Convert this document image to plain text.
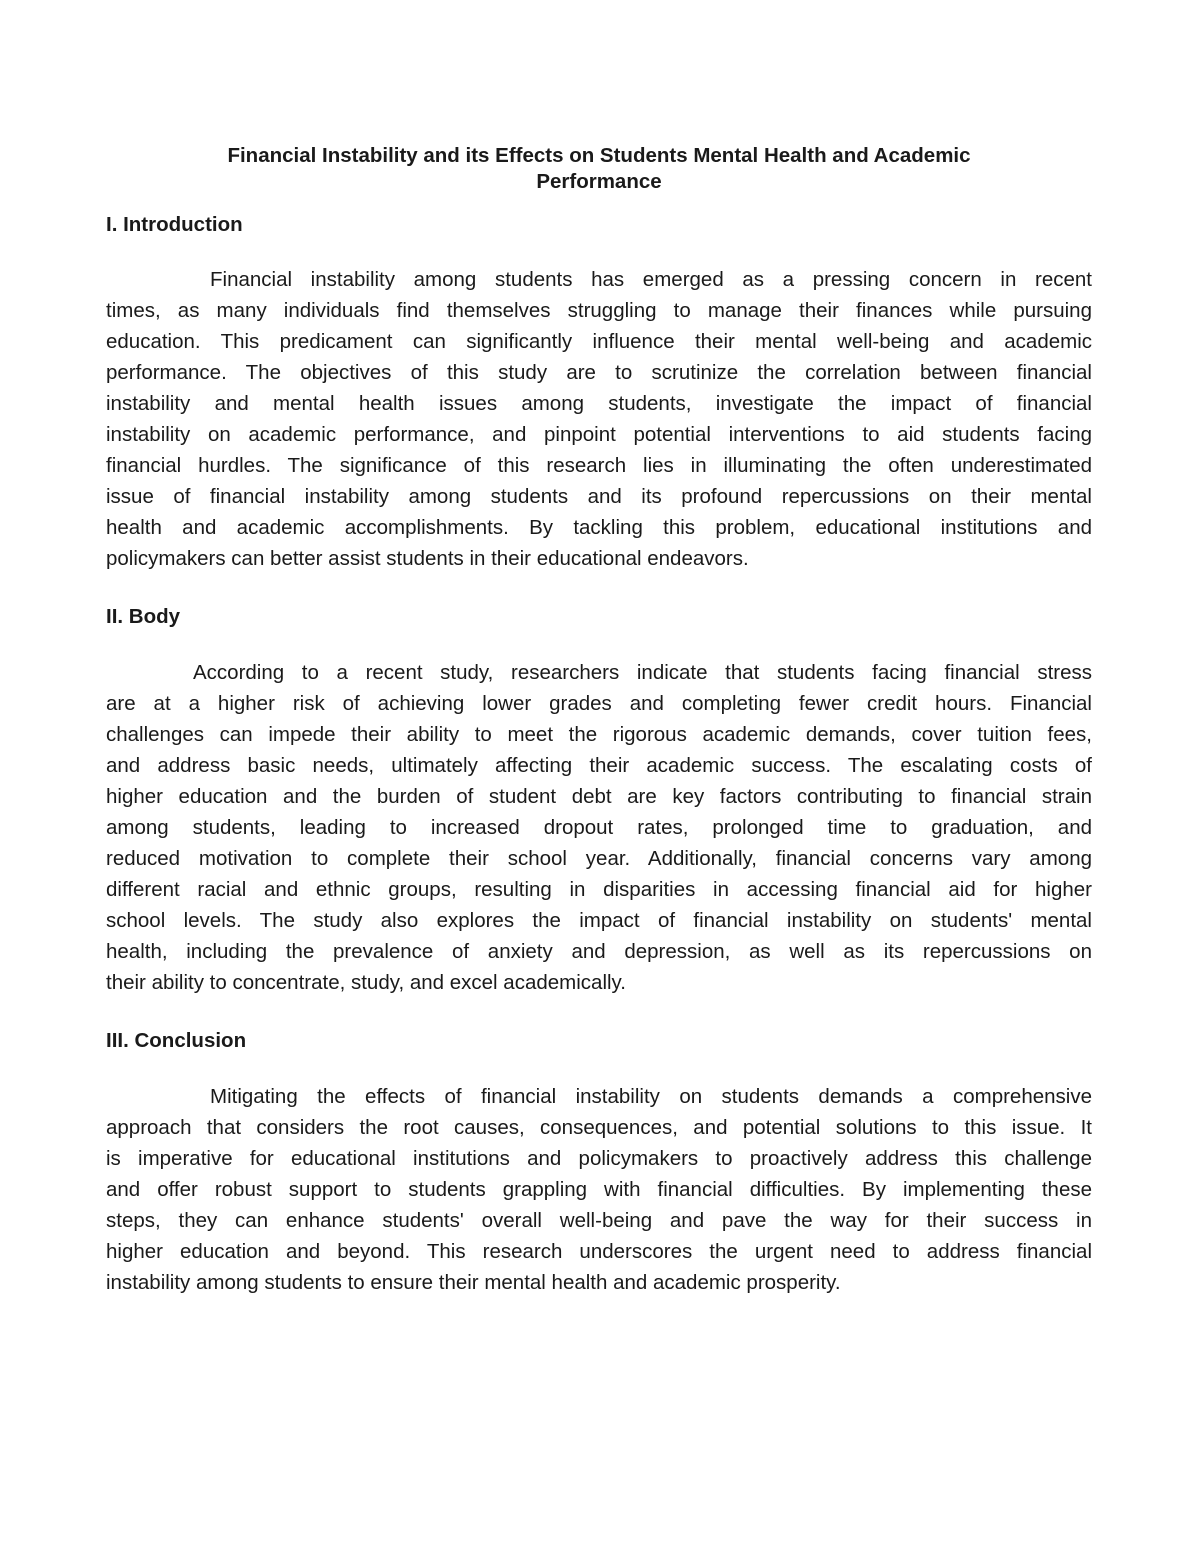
Financial Instability and its Effects on Students Mental Health and Academic
Performance
I. Introduction
Financial instability among students has emerged as a pressing concern in recent
times, as many individuals find themselves struggling to manage their finances while pursuing
education. This predicament can significantly influence their mental well-being and academic
performance. The objectives of this study are to scrutinize the correlation between financial
instability and mental health issues among students, investigate the impact of financial
instability on academic performance, and pinpoint potential interventions to aid students facing
financial hurdles. The significance of this research lies in illuminating the often underestimated
issue of financial instability among students and its profound repercussions on their mental
health and academic accomplishments. By tackling this problem, educational institutions and
policymakers can better assist students in their educational endeavors.
II. Body
According to a recent study, researchers indicate that students facing financial stress
are at a higher risk of achieving lower grades and completing fewer credit hours. Financial
challenges can impede their ability to meet the rigorous academic demands, cover tuition fees,
and address basic needs, ultimately affecting their academic success. The escalating costs of
higher education and the burden of student debt are key factors contributing to financial strain
among students, leading to increased dropout rates, prolonged time to graduation, and
reduced motivation to complete their school year. Additionally, financial concerns vary among
different racial and ethnic groups, resulting in disparities in accessing financial aid for higher
school levels. The study also explores the impact of financial instability on students' mental
health, including the prevalence of anxiety and depression, as well as its repercussions on
their ability to concentrate, study, and excel academically.
III. Conclusion
Mitigating the effects of financial instability on students demands a comprehensive
approach that considers the root causes, consequences, and potential solutions to this issue. It
is imperative for educational institutions and policymakers to proactively address this challenge
and offer robust support to students grappling with financial difficulties. By implementing these
steps, they can enhance students' overall well-being and pave the way for their success in
higher education and beyond. This research underscores the urgent need to address financial
instability among students to ensure their mental health and academic prosperity.
